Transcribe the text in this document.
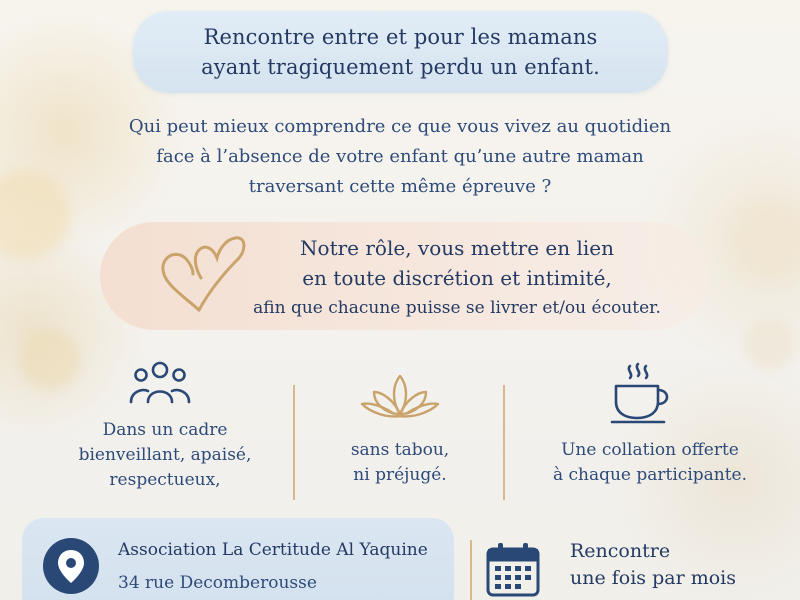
Rencontre entre et pour les mamans
ayant tragiquement perdu un enfant.
Qui peut mieux comprendre ce que vous vivez au quotidien
face à l’absence de votre enfant qu’une autre maman
traversant cette même épreuve ?
Notre rôle, vous mettre en lien
en toute discrétion et intimité,
afin que chacune puisse se livrer et/ou écouter.
Dans un cadre
bienveillant, apaisé,
respectueux,
sans tabou,
ni préjugé.
Une collation offerte
à chaque participante.
Association La Certitude Al Yaquine
34 rue Decomberousse
Rencontre
une fois par mois
